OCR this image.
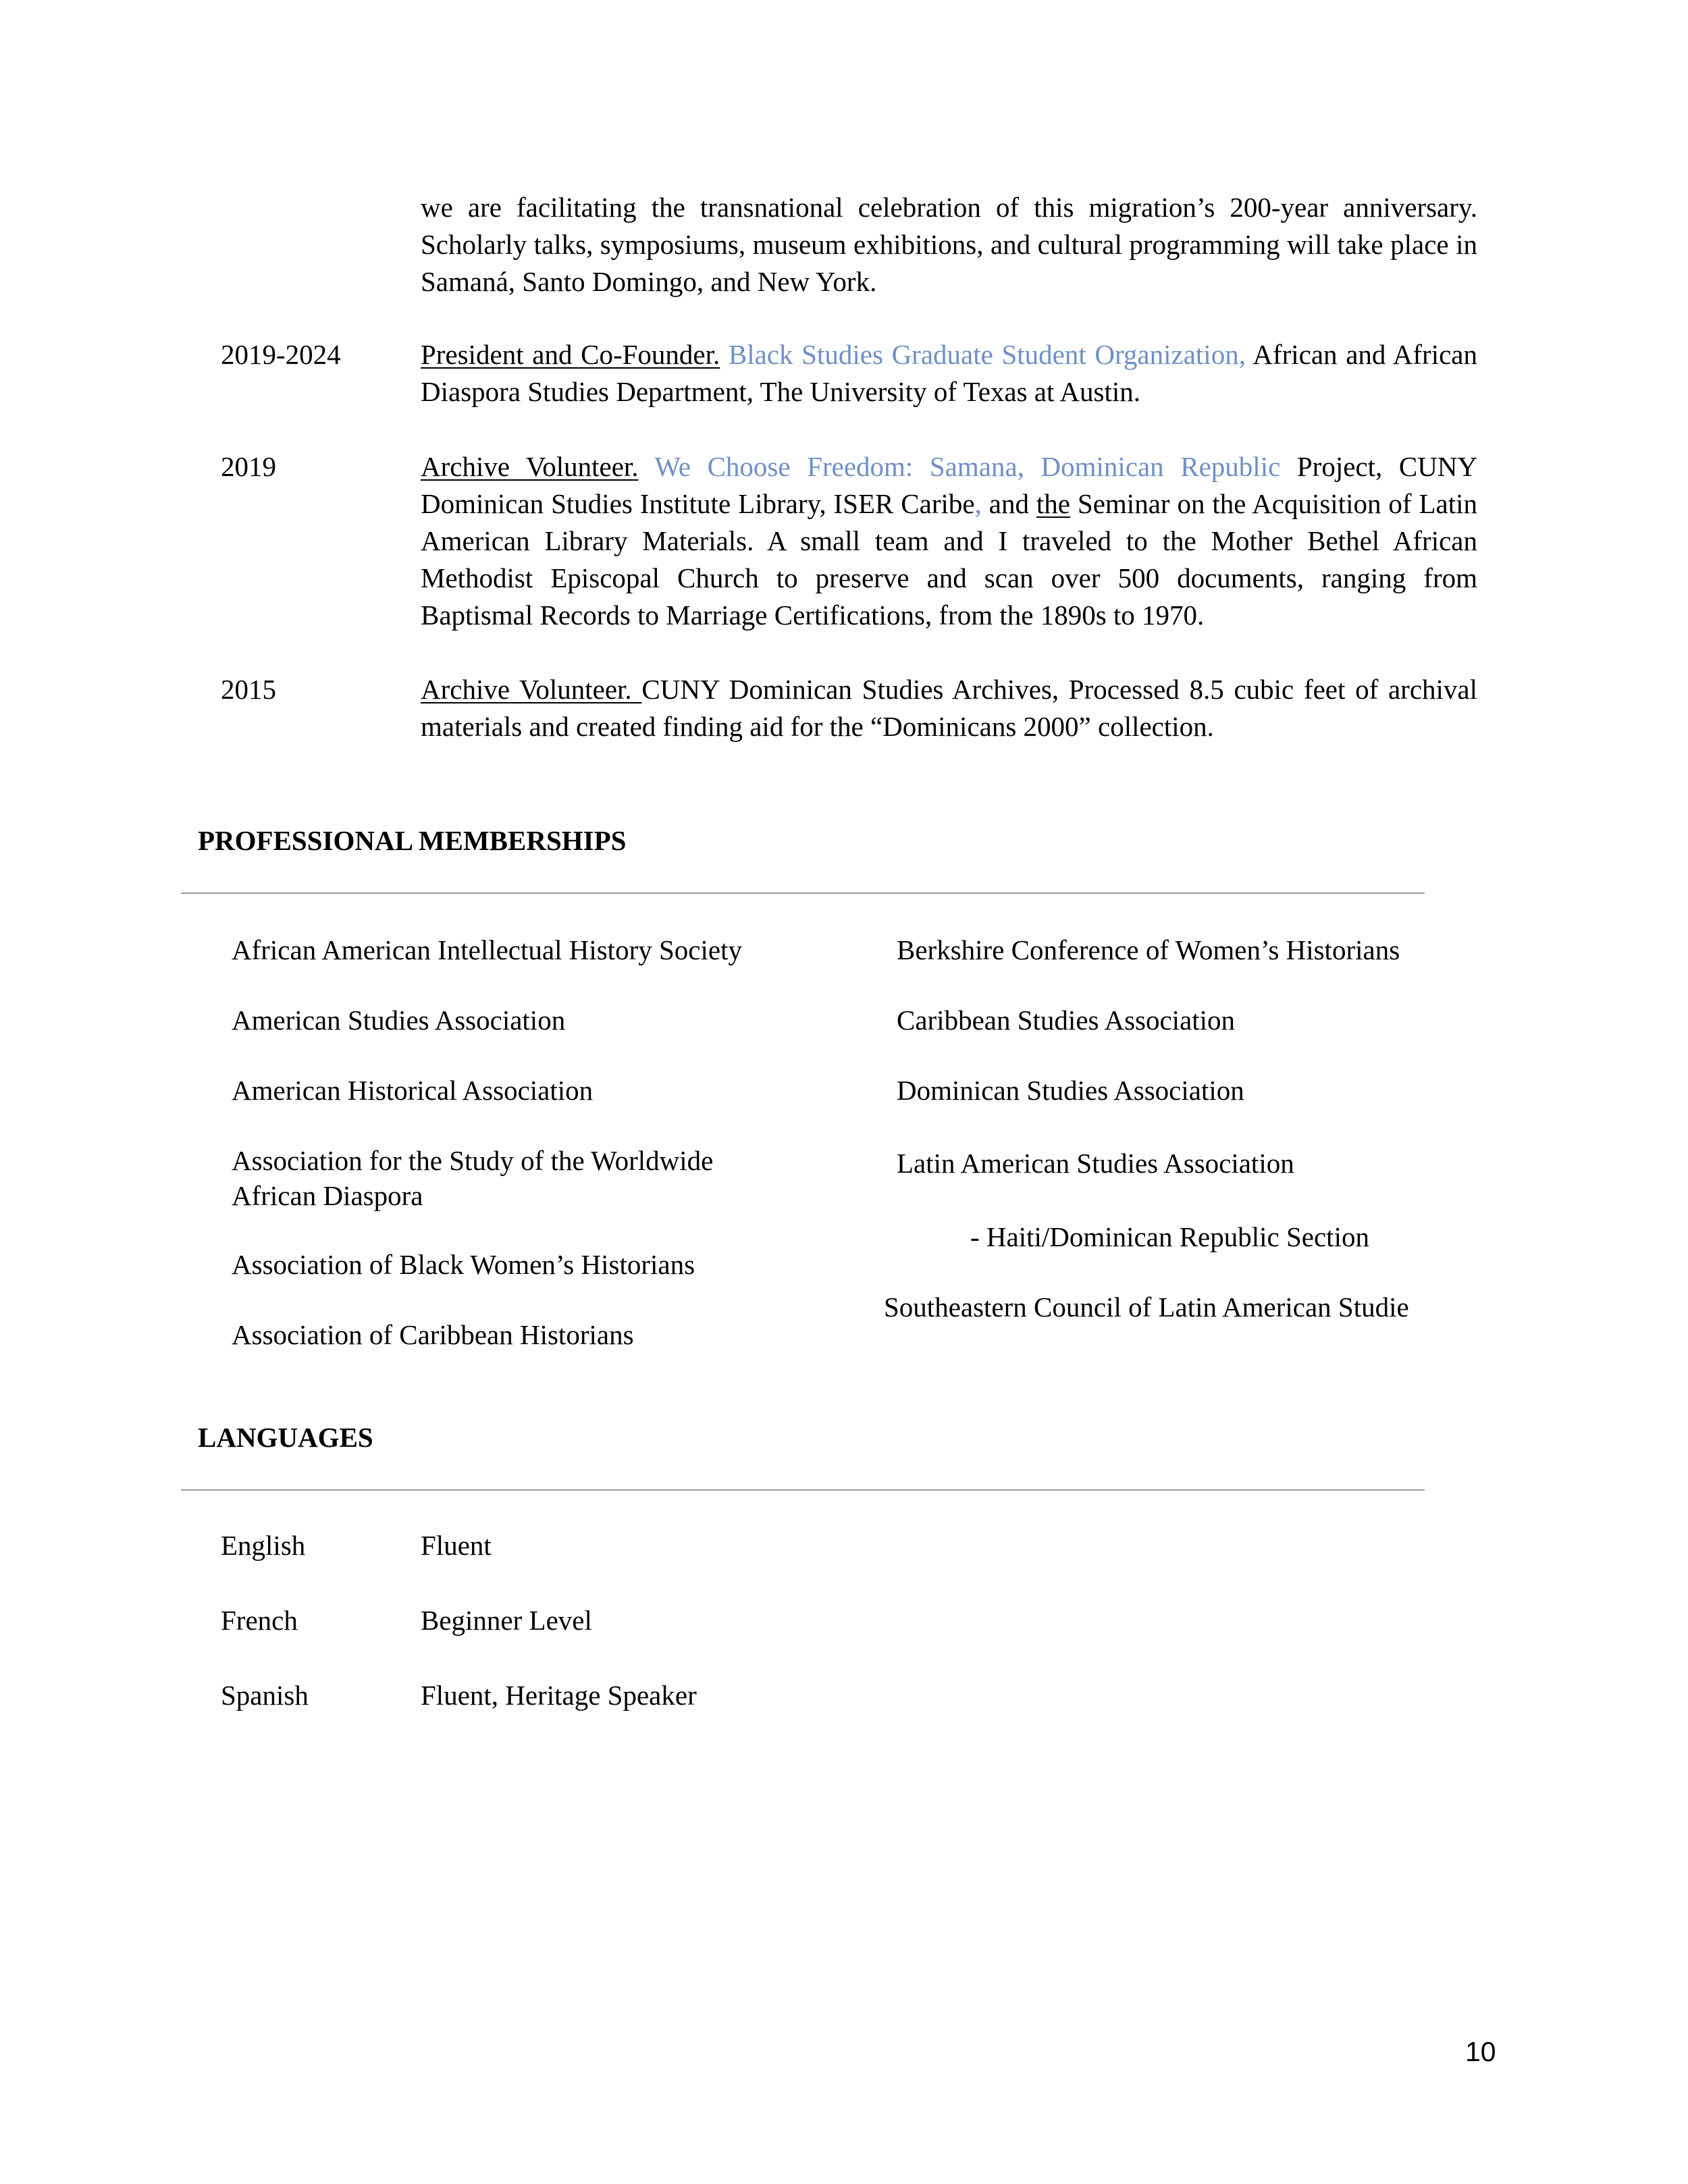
we are facilitating the transnational celebration of this migration’s 200-year anniversary. Scholarly talks, symposiums, museum exhibitions, and cultural programming will take place in Samaná, Santo Domingo, and New York.

2019-2024	President and Co-Founder. Black Studies Graduate Student Organization, African and African Diaspora Studies Department, The University of Texas at Austin.

2019	Archive Volunteer. We Choose Freedom: Samana, Dominican Republic Project, CUNY Dominican Studies Institute Library, ISER Caribe, and the Seminar on the Acquisition of Latin American Library Materials. A small team and I traveled to the Mother Bethel African Methodist Episcopal Church to preserve and scan over 500 documents, ranging from Baptismal Records to Marriage Certifications, from the 1890s to 1970.

2015	Archive Volunteer. CUNY Dominican Studies Archives, Processed 8.5 cubic feet of archival materials and created finding aid for the “Dominicans 2000” collection.

PROFESSIONAL MEMBERSHIPS

African American Intellectual History Society

American Studies Association

American Historical Association

Association for the Study of the Worldwide

African Diaspora

Association of Black Women’s Historians

Association of Caribbean Historians

Berkshire Conference of Women’s Historians

Caribbean Studies Association

Dominican Studies Association

Latin American Studies Association

- Haiti/Dominican Republic Section

Southeastern Council of Latin American Studie

LANGUAGES

English	Fluent

French	Beginner Level

Spanish	Fluent, Heritage Speaker

10
